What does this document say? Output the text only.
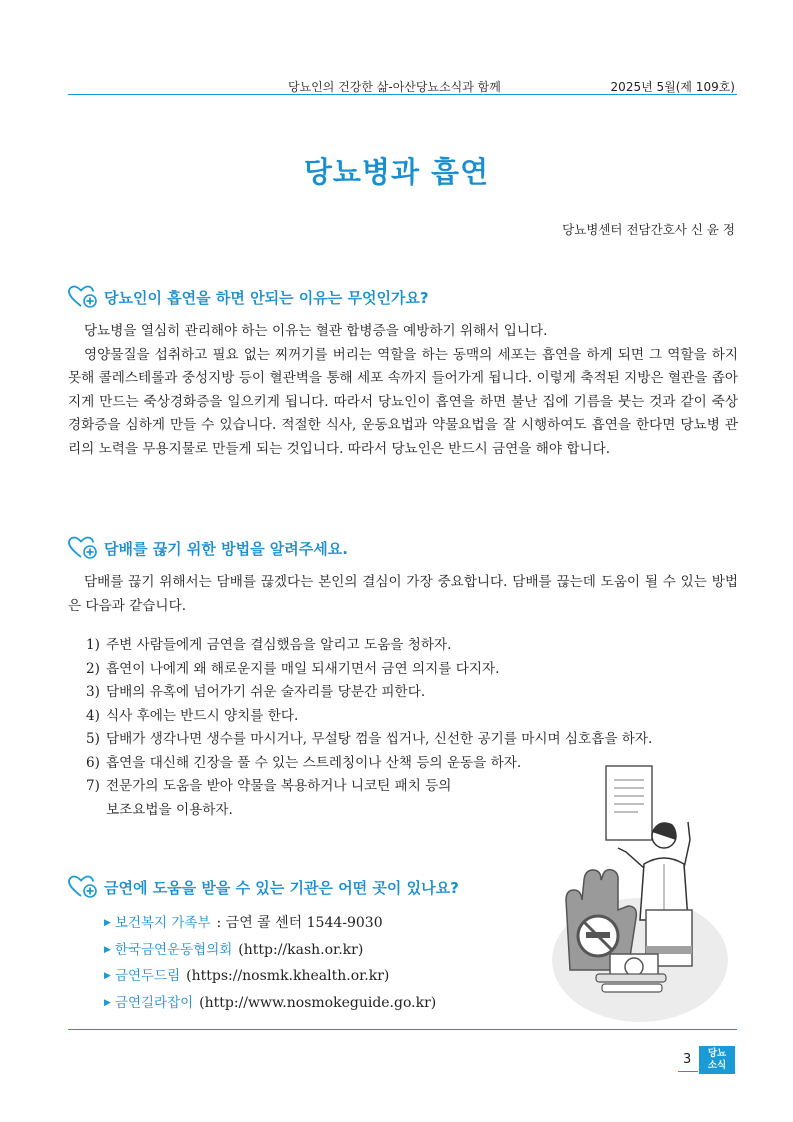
당뇨인의 건강한 삶-아산당뇨소식과 함께	2025년 5월(제 109호)
당뇨병과 흡연
당뇨병센터 전담간호사 신 윤 정
당뇨인이 흡연을 하면 안되는 이유는 무엇인가요?

당뇨병을 열심히 관리해야 하는 이유는 혈관 합병증을 예방하기 위해서 입니다.

영양물질을 섭취하고 필요 없는 찌꺼기를 버리는 역할을 하는 동맥의 세포는 흡연을 하게 되면 그 역할을 하지 못해 콜레스테롤과 중성지방 등이 혈관벽을 통해 세포 속까지 들어가게 됩니다. 이렇게 축적된 지방은 혈관을 좁아지게 만드는 죽상경화증을 일으키게 됩니다. 따라서 당뇨인이 흡연을 하면 불난 집에 기름을 붓는 것과 같이 죽상경화증을 심하게 만들 수 있습니다. 적절한 식사, 운동요법과 약물요법을 잘 시행하여도 흡연을 한다면 당뇨병 관리의 노력을 무용지물로 만들게 되는 것입니다. 따라서 당뇨인은 반드시 금연을 해야 합니다.

담배를 끊기 위한 방법을 알려주세요.

담배를 끊기 위해서는 담배를 끊겠다는 본인의 결심이 가장 중요합니다. 담배를 끊는데 도움이 될 수 있는 방법은 다음과 같습니다.

1) 주변 사람들에게 금연을 결심했음을 알리고 도움을 청하자.
2) 흡연이 나에게 왜 해로운지를 매일 되새기면서 금연 의지를 다지자.
3) 담배의 유혹에 넘어가기 쉬운 술자리를 당분간 피한다.
4) 식사 후에는 반드시 양치를 한다.
5) 담배가 생각나면 생수를 마시거나, 무설탕 껌을 씹거나, 신선한 공기를 마시며 심호흡을 하자.
6) 흡연을 대신해 긴장을 풀 수 있는 스트레칭이나 산책 등의 운동을 하자.
7) 전문가의 도움을 받아 약물을 복용하거나 니코틴 패치 등의
보조요법을 이용하자.
금연에 도움을 받을 수 있는 기관은 어떤 곳이 있나요?
▶ 보건복지 가족부 : 금연 콜 센터 1544-9030
▶ 한국금연운동협의회 (http://kash.or.kr)
▶ 금연두드림 (https://nosmk.khealth.or.kr)
▶ 금연길라잡이 (http://www.nosmokeguide.go.kr)
3	당뇨
소식
